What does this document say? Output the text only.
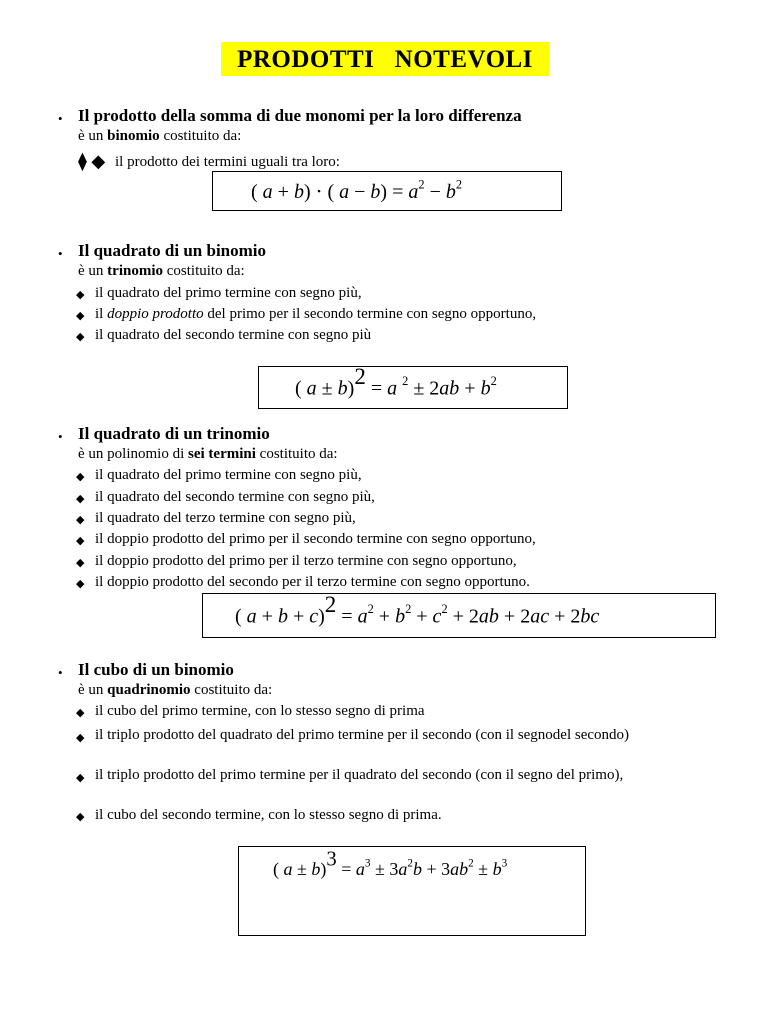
PRODOTTI   NOTEVOLI
• Il prodotto della somma di due monomi per la loro differenza
è un binomio costituito da:
⧫ ◆ il prodotto dei termini uguali tra loro:
( a + b) ⋅ ( $a - b) = a^2 - b^2$
• Il quadrato di un binomio
è un trinomio costituito da:
◆ il quadrato del primo termine con segno più,
◆ il doppio prodotto del primo per il secondo termine con segno opportuno,
◆ il quadrato del secondo termine con segno più
( a ± b)2 = a $^2 \pm 2ab + b^2$
• Il quadrato di un trinomio
è un polinomio di sei termini costituito da:
◆ il quadrato del primo termine con segno più,
◆ il quadrato del secondo termine con segno più,
◆ il quadrato del terzo termine con segno più,
◆ il doppio prodotto del primo per il secondo termine con segno opportuno,
◆ il doppio prodotto del primo per il terzo termine con segno opportuno,
◆ il doppio prodotto del secondo per il terzo termine con segno opportuno.
( $a + b + c)2 = a^2 + b^2 + c^2 + 2ab + 2ac + 2bc$
• Il cubo di un binomio
è un quadrinomio costituito da:
◆ il cubo del primo termine, con lo stesso segno di prima
◆ il triplo prodotto del quadrato del primo termine per il secondo (con il segnodel secondo)
◆ il triplo prodotto del primo termine per il quadrato del secondo (con il segno del primo),
◆ il cubo del secondo termine, con lo stesso segno di prima.
( $a \pm b)3 = a^3 \pm 3a^2b + 3ab^2 \pm b^3$
